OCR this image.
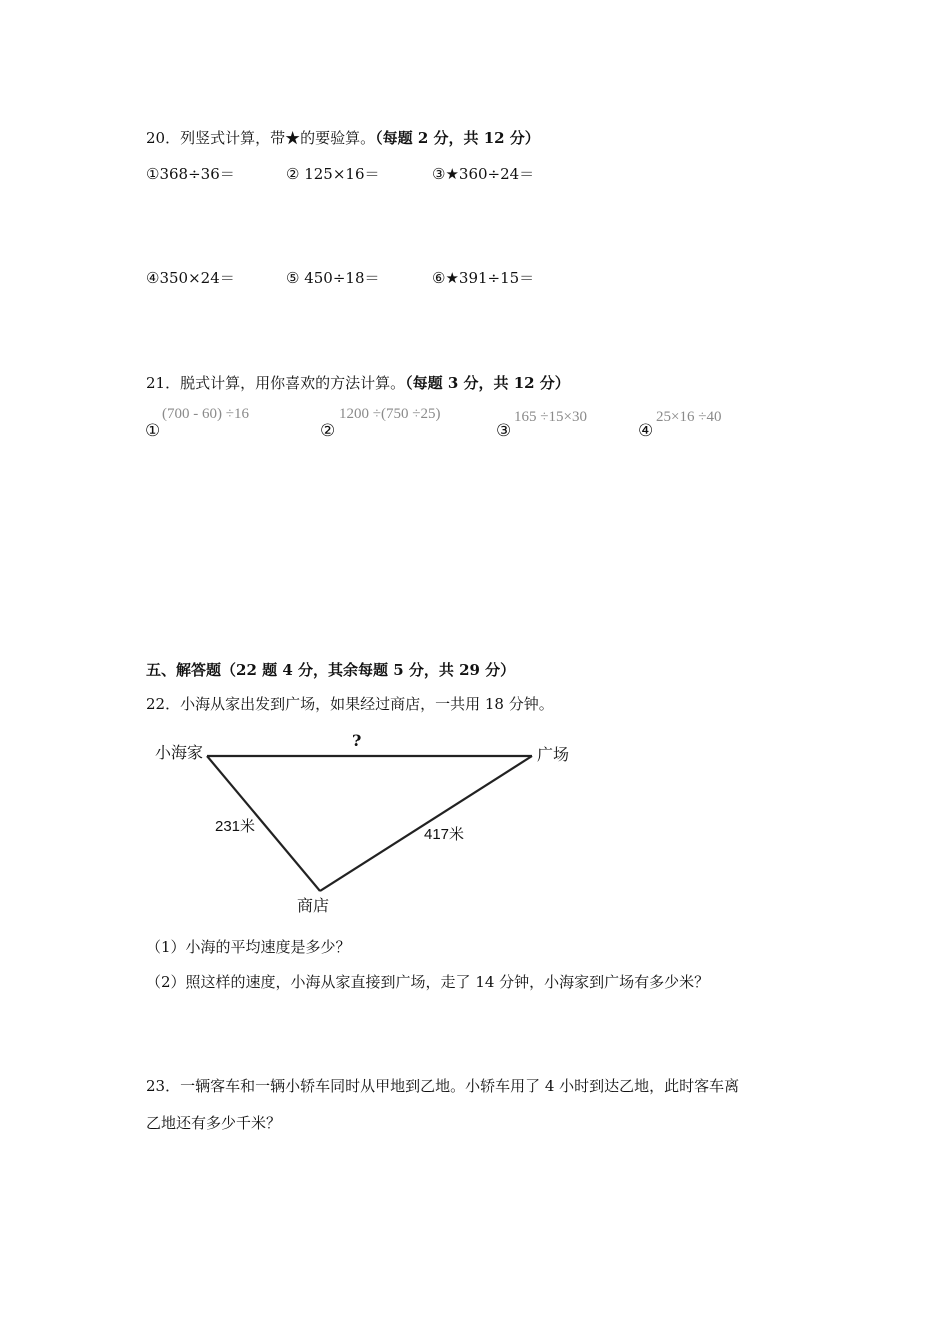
20．列竖式计算，带★的要验算。（每题 2 分，共 12 分）
①368÷36＝	② 125×16＝	③★360÷24＝
④350×24＝	⑤ 450÷18＝	⑥★391÷15＝
21．脱式计算，用你喜欢的方法计算。（每题 3 分，共 12 分）
①
(700 - 60) ÷16
②
1200 ÷(750 ÷25)
③
165 ÷15×30
④
25×16 ÷40
五、解答题（22 题 4 分，其余每题 5 分，共 29 分）
22．小海从家出发到广场，如果经过商店，一共用 18 分钟。
小海家	广场
?
231米	417米
商店
（1）小海的平均速度是多少？
（2）照这样的速度，小海从家直接到广场，走了 14 分钟，小海家到广场有多少米？
23．一辆客车和一辆小轿车同时从甲地到乙地。小轿车用了 4 小时到达乙地，此时客车离
乙地还有多少千米？
